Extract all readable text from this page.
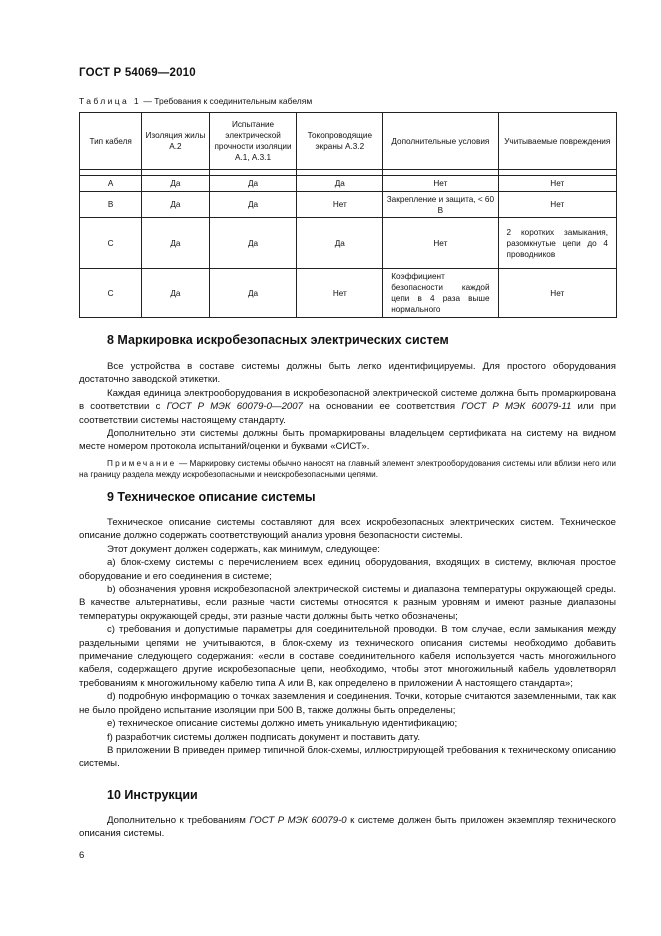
ГОСТ Р 54069—2010
Таблица 1 — Требования к соединительным кабелям
Тип кабеля	Изоляция жилы А.2	Испытание электрической прочности изоляции А.1, А.3.1	Токопроводящие экраны А.3.2	Дополнительные условия	Учитываемые повреждения

А	Да	Да	Да	Нет	Нет
В	Да	Да	Нет	Закрепление и защита, < 60 В	Нет
С	Да	Да	Да	Нет	2 коротких замыкания, разомкнутые цепи до 4 проводников
С	Да	Да	Нет	Коэффициент безопасности каждой цепи в 4 раза выше нормального	Нет
8 Маркировка искробезопасных электрических систем

Все устройства в составе системы должны быть легко идентифицируемы. Для простого оборудования достаточно заводской этикетки.

Каждая единица электрооборудования в искробезопасной электрической системе должна быть промаркирована в соответствии с ГОСТ Р МЭК 60079-0—2007 на основании ее соответствия ГОСТ Р МЭК 60079-11 или при соответствии системы настоящему стандарту.

Дополнительно эти системы должны быть промаркированы владельцем сертификата на систему на видном месте номером протокола испытаний/оценки и буквами «СИСТ».

Примечание — Маркировку системы обычно наносят на главный элемент электрооборудования системы или вблизи него или на границу раздела между искробезопасными и неискробезопасными цепями.

9 Техническое описание системы

Техническое описание системы составляют для всех искробезопасных электрических систем. Техническое описание должно содержать соответствующий анализ уровня безопасности системы.

Этот документ должен содержать, как минимум, следующее:

а) блок-схему системы с перечислением всех единиц оборудования, входящих в систему, включая простое оборудование и его соединения в системе;

b) обозначения уровня искробезопасной электрической системы и диапазона температуры окружающей среды. В качестве альтернативы, если разные части системы относятся к разным уровням и имеют разные диапазоны температуры окружающей среды, эти разные части должны быть четко обозначены;

с) требования и допустимые параметры для соединительной проводки. В том случае, если замыкания между раздельными цепями не учитываются, в блок-схему из технического описания системы необходимо добавить примечание следующего содержания: «если в составе соединительного кабеля используется часть многожильного кабеля, содержащего другие искробезопасные цепи, необходимо, чтобы этот многожильный кабель удовлетворял требованиям к многожильному кабелю типа А или В, как определено в приложении А настоящего стандарта»;

d) подробную информацию о точках заземления и соединения. Точки, которые считаются заземленными, так как не было пройдено испытание изоляции при 500 В, также должны быть определены;

е) техническое описание системы должно иметь уникальную идентификацию;

f) разработчик системы должен подписать документ и поставить дату.

В приложении В приведен пример типичной блок-схемы, иллюстрирующей требования к техническому описанию системы.

10 Инструкции

Дополнительно к требованиям ГОСТ Р МЭК 60079-0 к системе должен быть приложен экземпляр технического описания системы.

6
